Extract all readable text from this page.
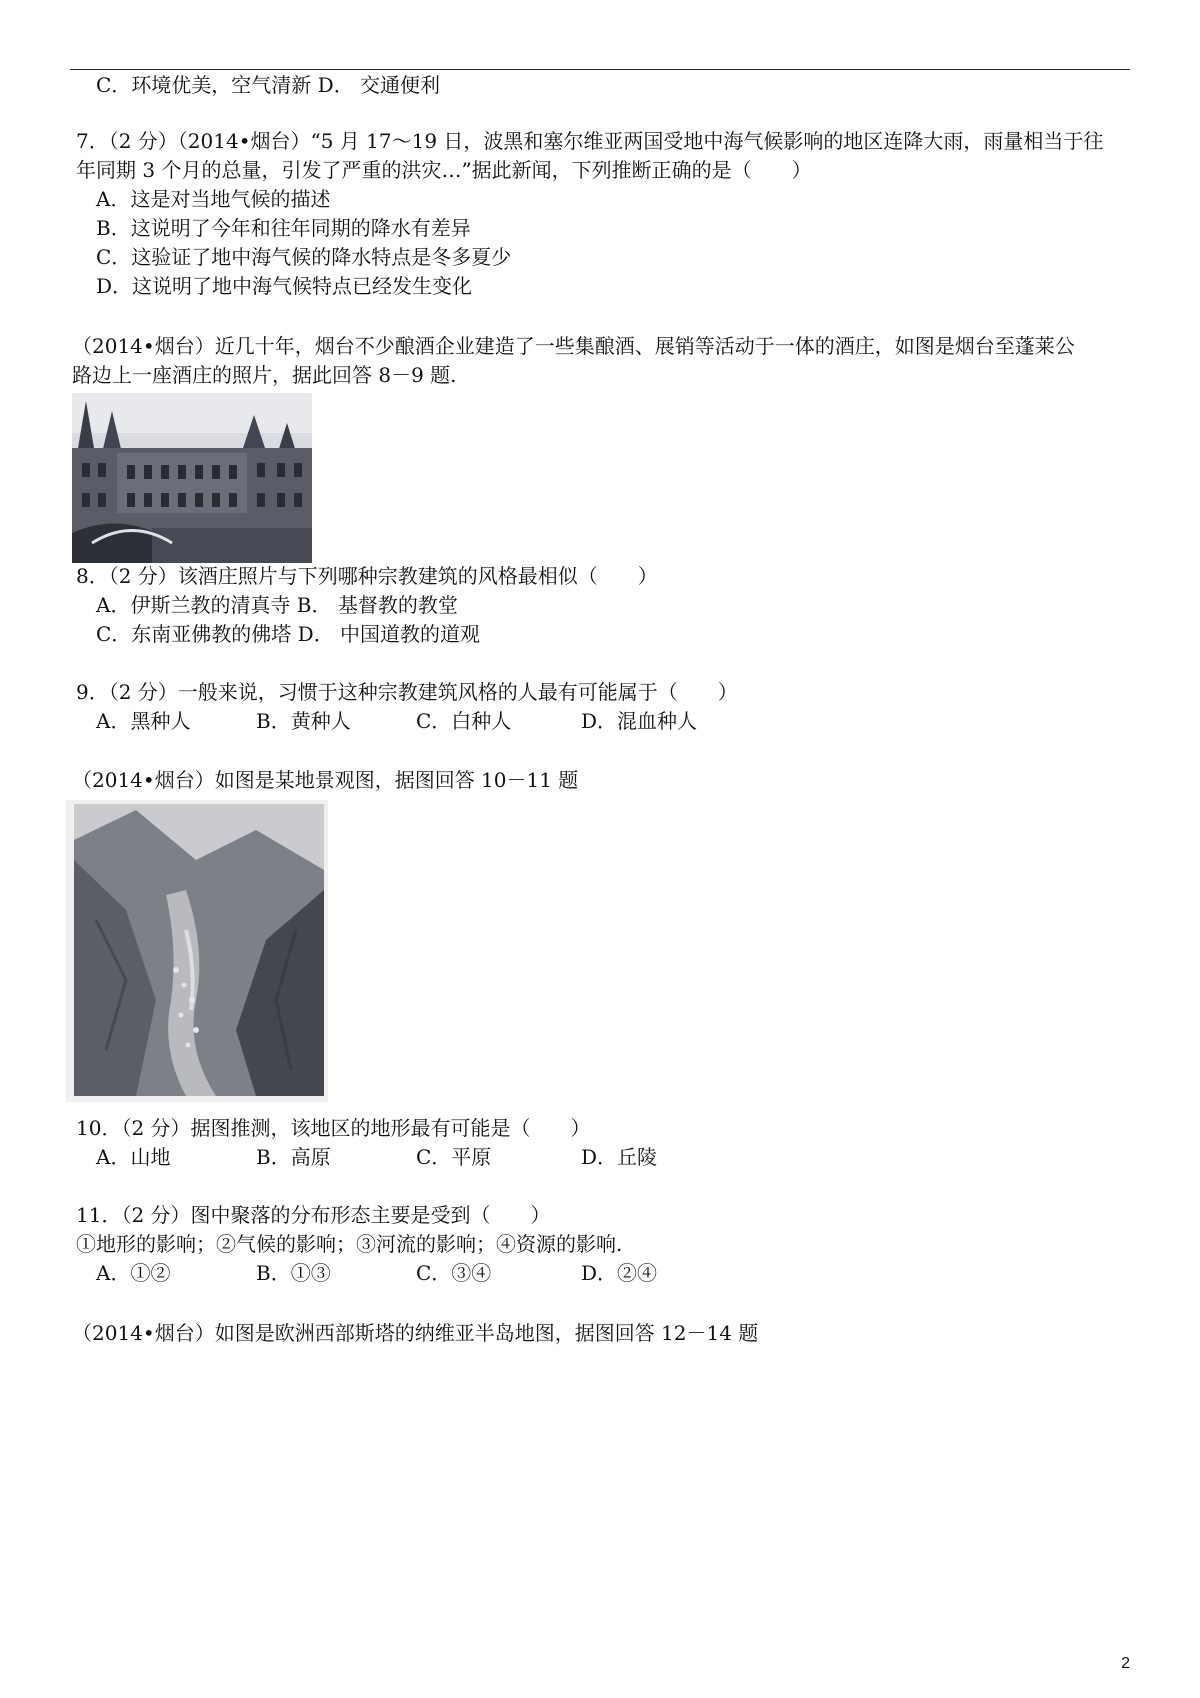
C．环境优美，空气清新 D． 交通便利
7．（2 分）（2014•烟台）“5 月 17～19 日，波黑和塞尔维亚两国受地中海气候影响的地区连降大雨，雨量相当于往
年同期 3 个月的总量，引发了严重的洪灾…”据此新闻，下列推断正确的是（　　）
A．这是对当地气候的描述
B．这说明了今年和往年同期的降水有差异
C．这验证了地中海气候的降水特点是冬多夏少
D．这说明了地中海气候特点已经发生变化
（2014•烟台）近几十年，烟台不少酿酒企业建造了一些集酿酒、展销等活动于一体的酒庄，如图是烟台至蓬莱公
路边上一座酒庄的照片，据此回答 8－9 题.
8．（2 分）该酒庄照片与下列哪种宗教建筑的风格最相似（　　）
A．伊斯兰教的清真寺 B． 基督教的教堂
C．东南亚佛教的佛塔 D． 中国道教的道观
9．（2 分）一般来说，习惯于这种宗教建筑风格的人最有可能属于（　　）
A．黑种人	B．黄种人	C．白种人	D．混血种人
（2014•烟台）如图是某地景观图，据图回答 10－11 题
10．（2 分）据图推测，该地区的地形最有可能是（　　）
A．山地	B．高原	C．平原	D．丘陵
11．（2 分）图中聚落的分布形态主要是受到（　　）
①地形的影响；②气候的影响；③河流的影响；④资源的影响.
A．①②	B．①③	C．③④	D．②④
（2014•烟台）如图是欧洲西部斯塔的纳维亚半岛地图，据图回答 12－14 题
2
